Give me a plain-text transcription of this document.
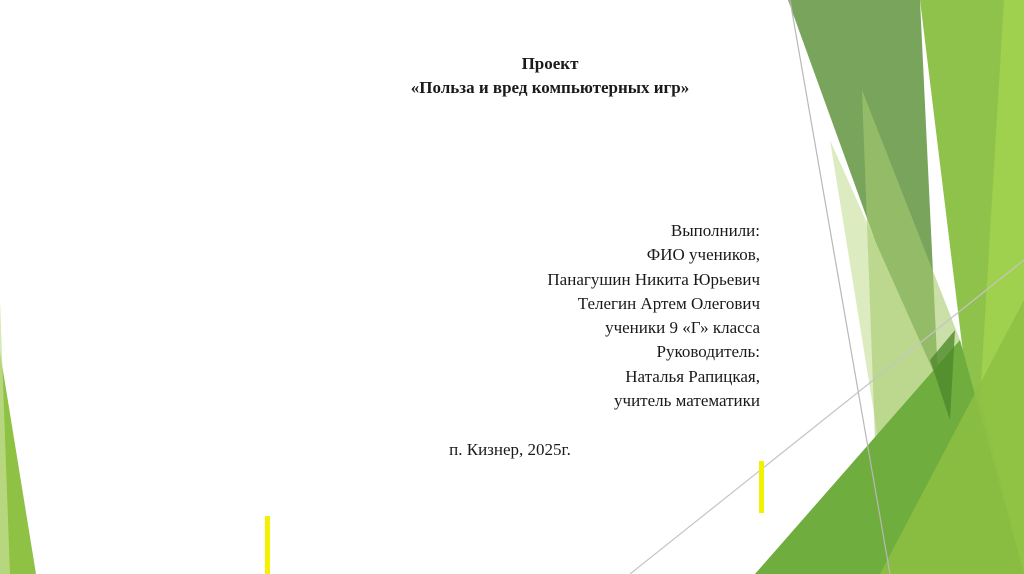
Проект
«Польза и вред компьютерных игр»
Выполнили:
ФИО учеников,
Панагушин Никита Юрьевич
Телегин Артем Олегович
ученики 9 «Г» класса
Руководитель:
Наталья Рапицкая,
учитель математики
п. Кизнер, 2025г.
